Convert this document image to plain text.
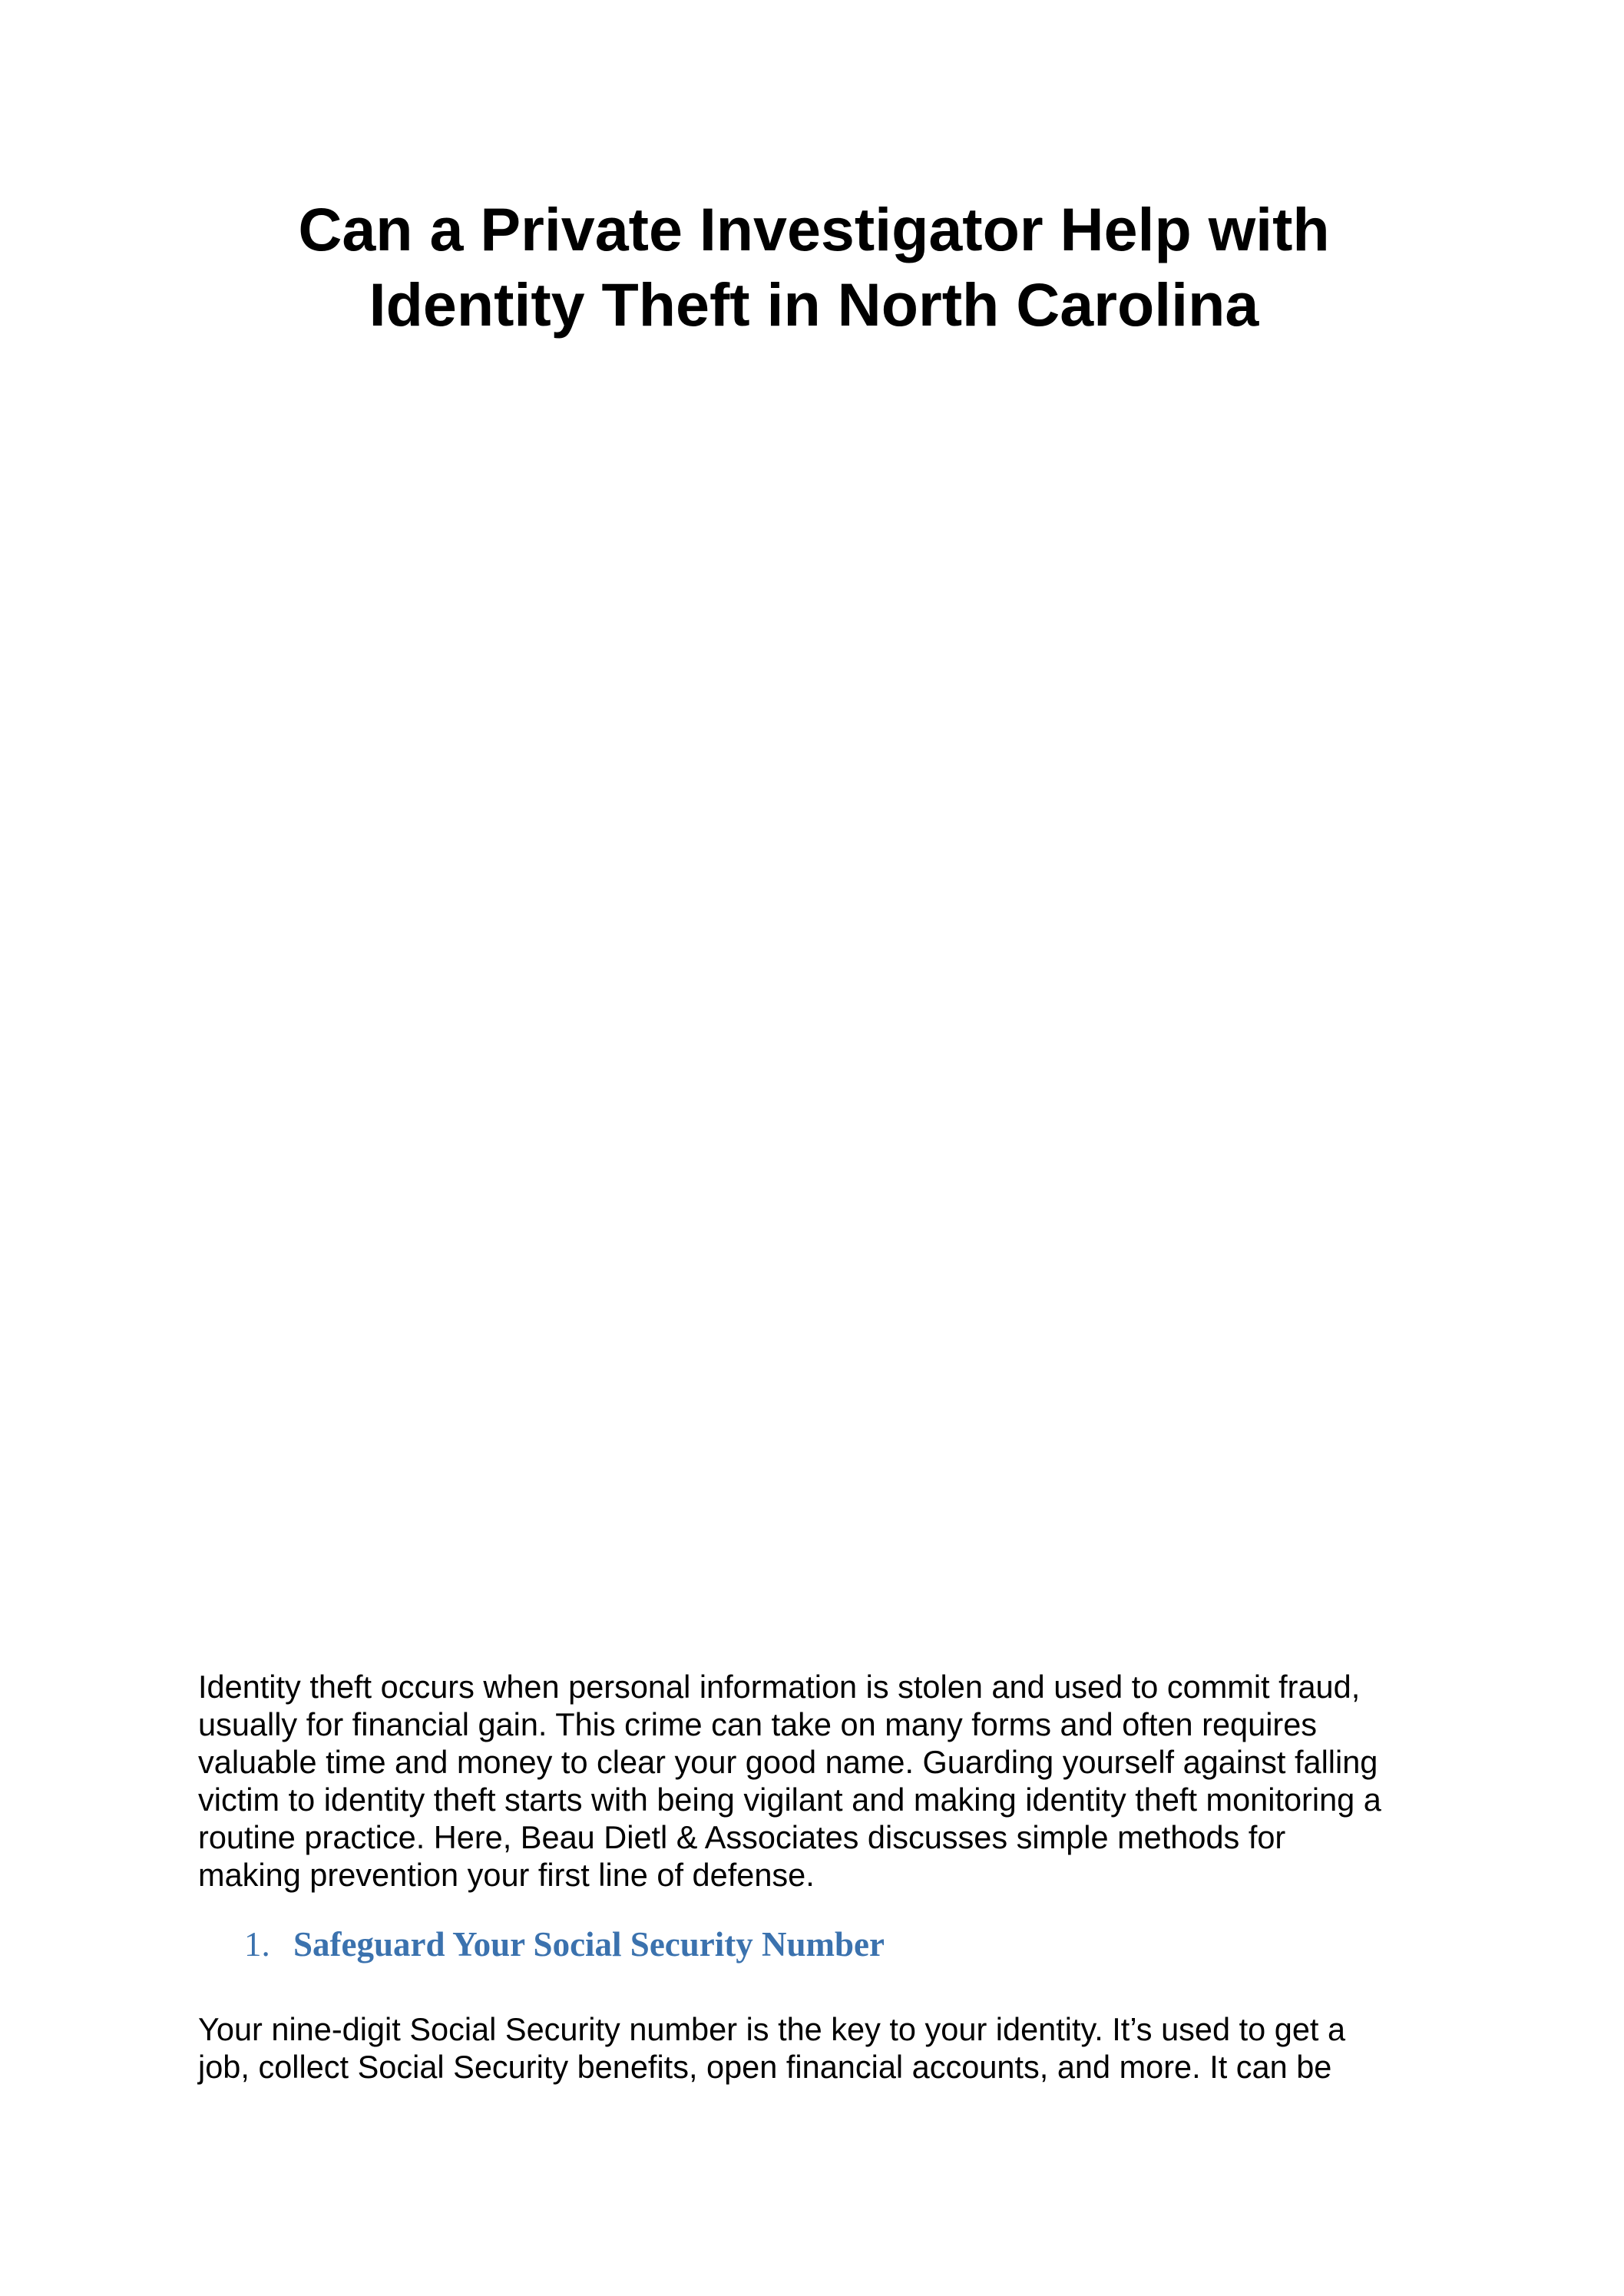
Can a Private Investigator Help with
Identity Theft in North Carolina

Identity theft occurs when personal information is stolen and used to commit fraud,
usually for financial gain. This crime can take on many forms and often requires
valuable time and money to clear your good name. Guarding yourself against falling
victim to identity theft starts with being vigilant and making identity theft monitoring a
routine practice. Here, Beau Dietl & Associates discusses simple methods for
making prevention your first line of defense.

1. Safeguard Your Social Security Number

Your nine-digit Social Security number is the key to your identity. It’s used to get a
job, collect Social Security benefits, open financial accounts, and more. It can be
